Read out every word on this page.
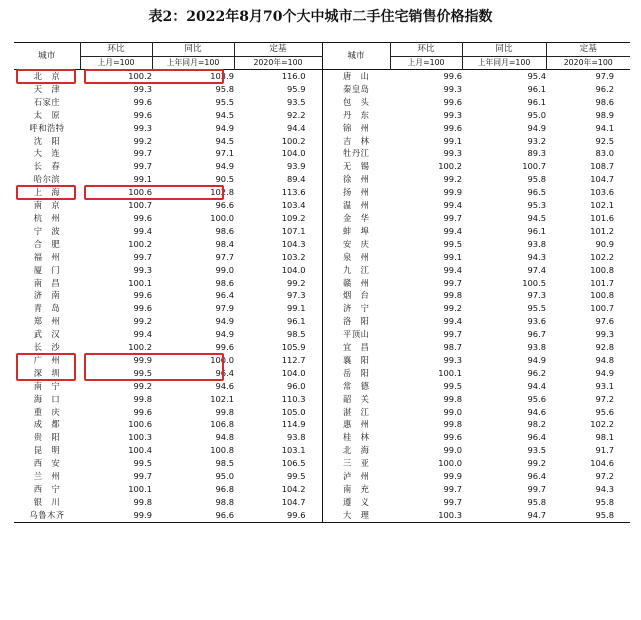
表2：2022年8月70个大中城市二手住宅销售价格指数
城市	环比	同比	定基	城市	环比	同比	定基
	上月=100	上年同月=100	2020年=100		上月=100	上年同月=100	2020年=100
北　京	100.2	103.9	116.0	唐　山	99.6	95.4	97.9
天　津	99.3	95.8	95.9	秦皇岛	99.3	96.1	96.2
石家庄	99.6	95.5	93.5	包　头	99.6	96.1	98.6
太　原	99.6	94.5	92.2	丹　东	99.3	95.0	98.9
呼和浩特	99.3	94.9	94.4	锦　州	99.6	94.9	94.1
沈　阳	99.2	94.5	100.2	吉　林	99.1	93.2	92.5
大　连	99.7	97.1	104.0	牡丹江	99.3	89.3	83.0
长　春	99.7	94.9	93.9	无　锡	100.2	100.7	108.7
哈尔滨	99.1	90.5	89.4	徐　州	99.2	95.8	104.7
上　海	100.6	102.8	113.6	扬　州	99.9	96.5	103.6
南　京	100.7	96.6	103.4	温　州	99.4	95.3	102.1
杭　州	99.6	100.0	109.2	金　华	99.7	94.5	101.6
宁　波	99.4	98.6	107.1	蚌　埠	99.4	96.1	101.2
合　肥	100.2	98.4	104.3	安　庆	99.5	93.8	90.9
福　州	99.7	97.7	103.2	泉　州	99.1	94.3	102.2
厦　门	99.3	99.0	104.0	九　江	99.4	97.4	100.8
南　昌	100.1	98.6	99.2	赣　州	99.7	100.5	101.7
济　南	99.6	96.4	97.3	烟　台	99.8	97.3	100.8
青　岛	99.6	97.9	99.1	济　宁	99.2	95.5	100.7
郑　州	99.2	94.9	96.1	洛　阳	99.4	93.6	97.6
武　汉	99.4	94.9	98.5	平顶山	99.7	96.7	99.3
长　沙	100.2	99.6	105.9	宜　昌	98.7	93.8	92.8
广　州	99.9	100.0	112.7	襄　阳	99.3	94.9	94.8
深　圳	99.5	96.4	104.0	岳　阳	100.1	96.2	94.9
南　宁	99.2	94.6	96.0	常　德	99.5	94.4	93.1
海　口	99.8	102.1	110.3	韶　关	99.8	95.6	97.2
重　庆	99.6	99.8	105.0	湛　江	99.0	94.6	95.6
成　都	100.6	106.8	114.9	惠　州	99.8	98.2	102.2
贵　阳	100.3	94.8	93.8	桂　林	99.6	96.4	98.1
昆　明	100.4	100.8	103.1	北　海	99.0	93.5	91.7
西　安	99.5	98.5	106.5	三　亚	100.0	99.2	104.6
兰　州	99.7	95.0	99.5	泸　州	99.9	96.4	97.2
西　宁	100.1	96.8	104.2	南　充	99.7	99.7	94.3
银　川	99.8	98.8	104.7	遵　义	99.7	95.8	95.8
乌鲁木齐	99.9	96.6	99.6	大　理	100.3	94.7	95.8
